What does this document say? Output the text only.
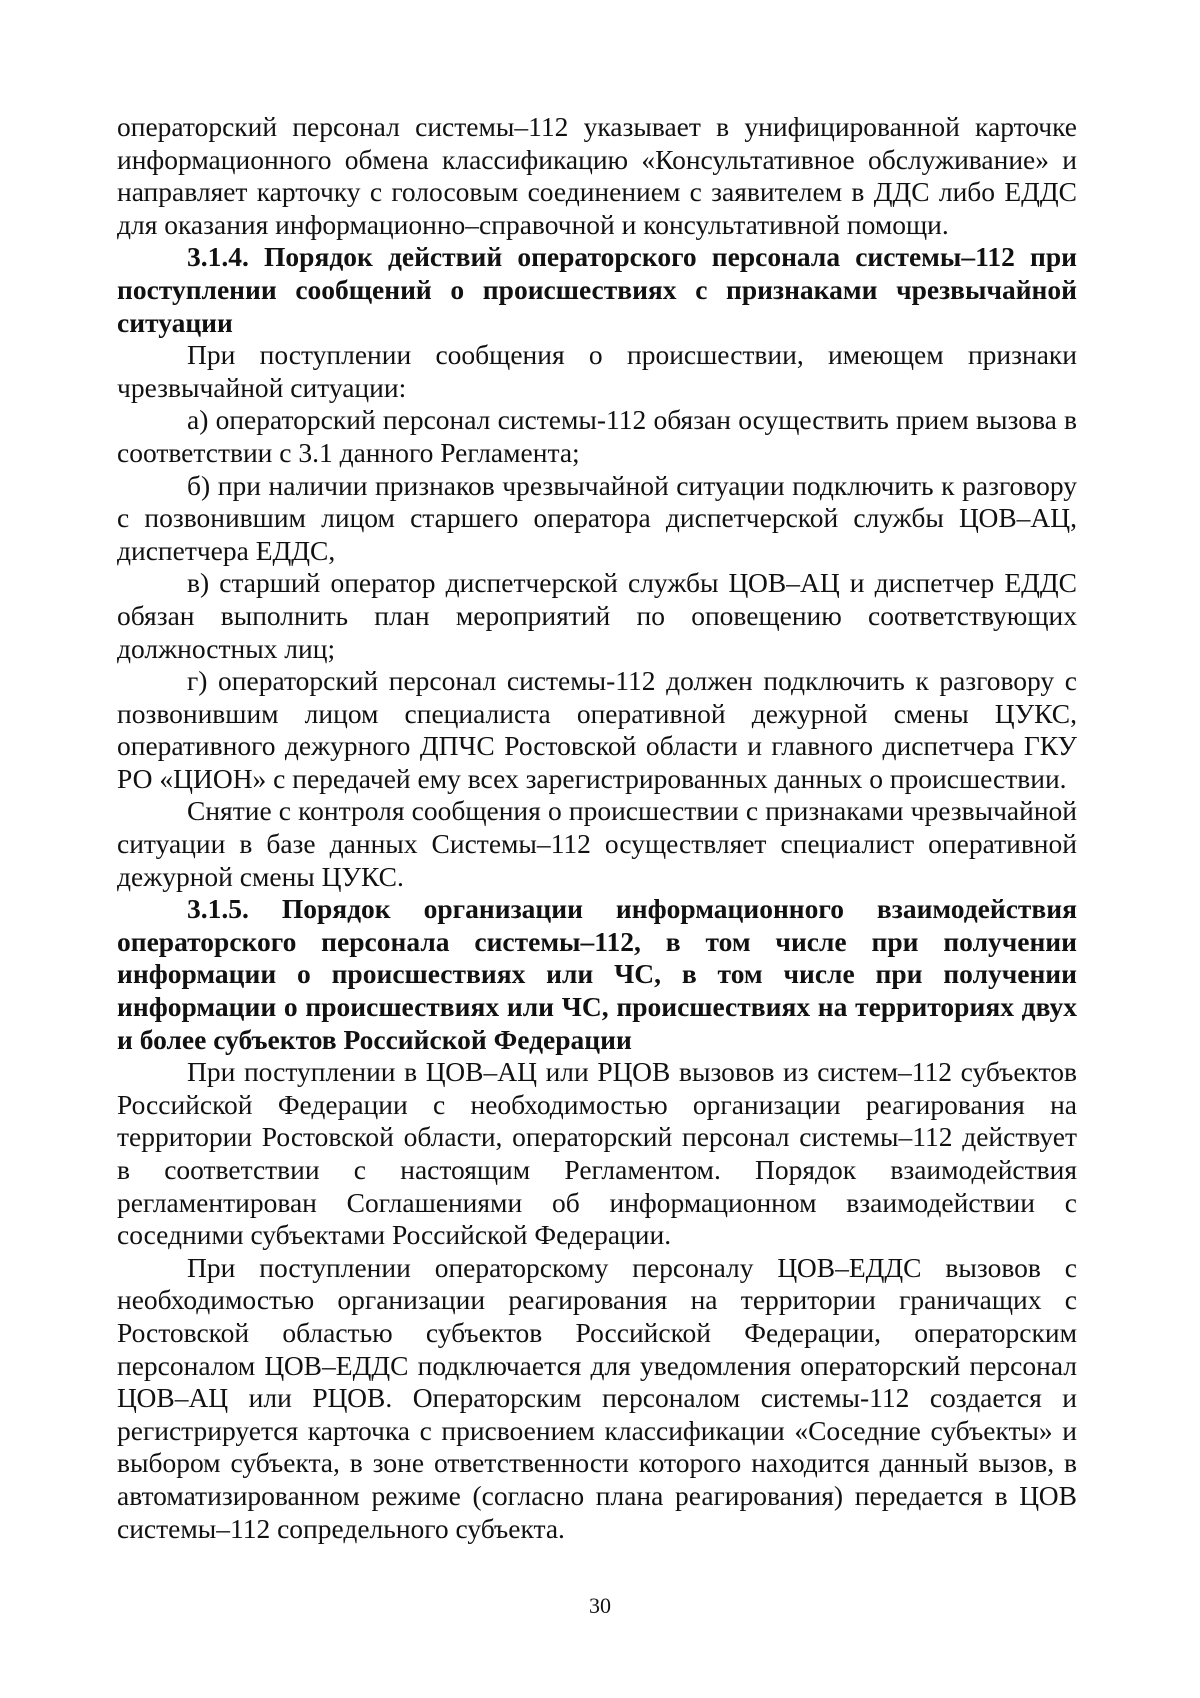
операторский персонал системы–112 указывает в унифицированной карточке информационного обмена классификацию «Консультативное обслуживание» и направляет карточку с голосовым соединением с заявителем в ДДС либо ЕДДС для оказания информационно–справочной и консультативной помощи.

3.1.4. Порядок действий операторского персонала системы–112 при поступлении сообщений о происшествиях с признаками чрезвычайной ситуации

При поступлении сообщения о происшествии, имеющем признаки чрезвычайной ситуации:

а) операторский персонал системы-112 обязан осуществить прием вызова в соответствии с 3.1 данного Регламента;

б) при наличии признаков чрезвычайной ситуации подключить к разговору с позвонившим лицом старшего оператора диспетчерской службы ЦОВ–АЦ, диспетчера ЕДДС,

в) старший оператор диспетчерской службы ЦОВ–АЦ и диспетчер ЕДДС обязан выполнить план мероприятий по оповещению соответствующих должностных лиц;

г) операторский персонал системы-112 должен подключить к разговору с позвонившим лицом специалиста оперативной дежурной смены ЦУКС, оперативного дежурного ДПЧС Ростовской области и главного диспетчера ГКУ РО «ЦИОН» с передачей ему всех зарегистрированных данных о происшествии.

Снятие с контроля сообщения о происшествии с признаками чрезвычайной ситуации в базе данных Системы–112 осуществляет специалист оперативной дежурной смены ЦУКС.

3.1.5. Порядок организации информационного взаимодействия операторского персонала системы–112, в том числе при получении информации о происшествиях или ЧС, в том числе при получении информации о происшествиях или ЧС, происшествиях на территориях двух и более субъектов Российской Федерации

При поступлении в ЦОВ–АЦ или РЦОВ вызовов из систем–112 субъектов Российской Федерации с необходимостью организации реагирования на территории Ростовской области, операторский персонал системы–112 действует в соответствии с настоящим Регламентом. Порядок взаимодействия регламентирован Соглашениями об информационном взаимодействии с соседними субъектами Российской Федерации.

При поступлении операторскому персоналу ЦОВ–ЕДДС вызовов с необходимостью организации реагирования на территории граничащих с Ростовской областью субъектов Российской Федерации, операторским персоналом ЦОВ–ЕДДС подключается для уведомления операторский персонал ЦОВ–АЦ или РЦОВ. Операторским персоналом системы-112 создается и регистрируется карточка с присвоением классификации «Соседние субъекты» и выбором субъекта, в зоне ответственности которого находится данный вызов, в автоматизированном режиме (согласно плана реагирования) передается в ЦОВ системы–112 сопредельного субъекта.

30
